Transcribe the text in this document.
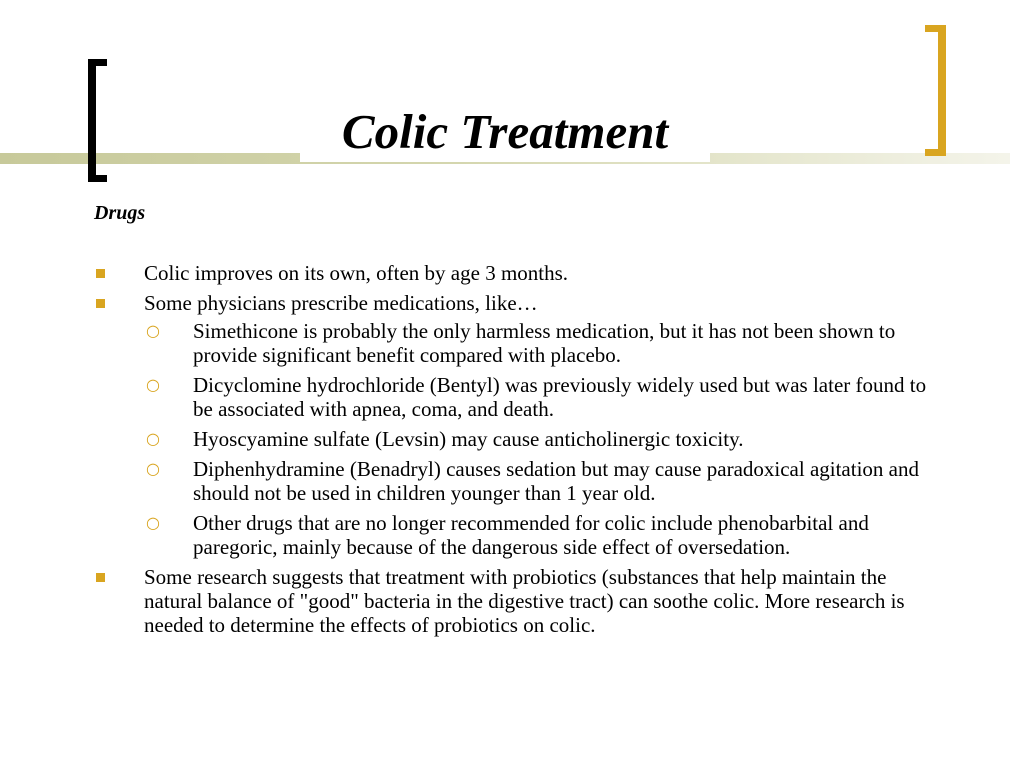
Colic Treatment
Drugs
Colic improves on its own, often by age 3 months.
Some physicians prescribe medications, like…
○ Simethicone is probably the only harmless medication, but it has not been shown to provide significant benefit compared with placebo.
○ Dicyclomine hydrochloride (Bentyl) was previously widely used but was later found to be associated with apnea, coma, and death.
○ Hyoscyamine sulfate (Levsin) may cause anticholinergic toxicity.
○ Diphenhydramine (Benadryl) causes sedation but may cause paradoxical agitation and should not be used in children younger than 1 year old.
○ Other drugs that are no longer recommended for colic include phenobarbital and paregoric, mainly because of the dangerous side effect of oversedation.
Some research suggests that treatment with probiotics (substances that help maintain the natural balance of "good" bacteria in the digestive tract) can soothe colic. More research is needed to determine the effects of probiotics on colic.
